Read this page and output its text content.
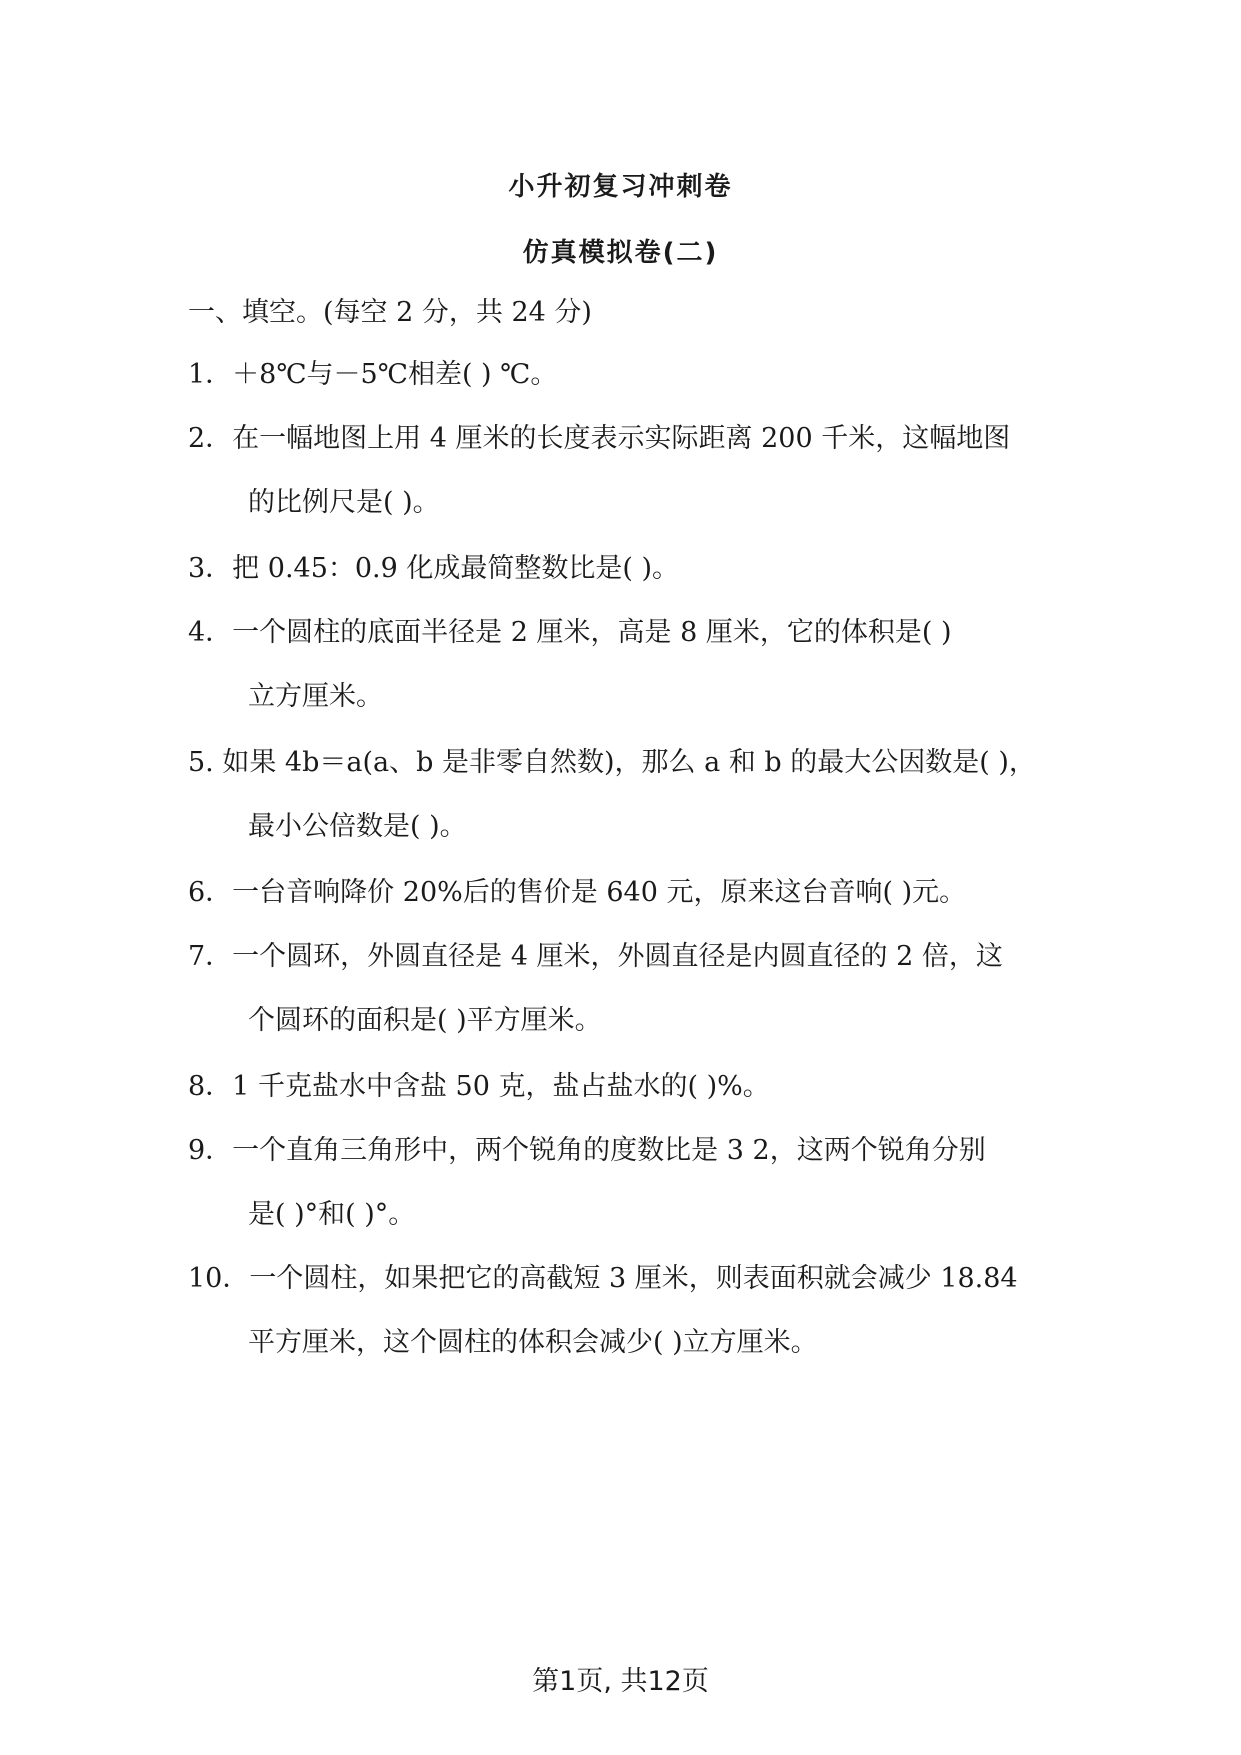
小升初复习冲刺卷
仿真模拟卷(二)
一、填空。(每空 2 分，共 24 分)
1．＋8℃与－5℃相差( ) ℃。
2．在一幅地图上用 4 厘米的长度表示实际距离 200 千米，这幅地图
的比例尺是( )。
3．把 0.45：0.9 化成最简整数比是( )。
4．一个圆柱的底面半径是 2 厘米，高是 8 厘米，它的体积是( )
立方厘米。
5. 如果 4b＝a(a、b 是非零自然数)，那么 a 和 b 的最大公因数是( )，
最小公倍数是( )。
6．一台音响降价 20%后的售价是 640 元，原来这台音响( )元。
7．一个圆环，外圆直径是 4 厘米，外圆直径是内圆直径的 2 倍，这
个圆环的面积是( )平方厘米。
8．1 千克盐水中含盐 50 克，盐占盐水的( )%。
9．一个直角三角形中，两个锐角的度数比是 3 2，这两个锐角分别
是( )°和( )°。
10．一个圆柱，如果把它的高截短 3 厘米，则表面积就会减少 18.84
平方厘米，这个圆柱的体积会减少( )立方厘米。
第1页, 共12页
